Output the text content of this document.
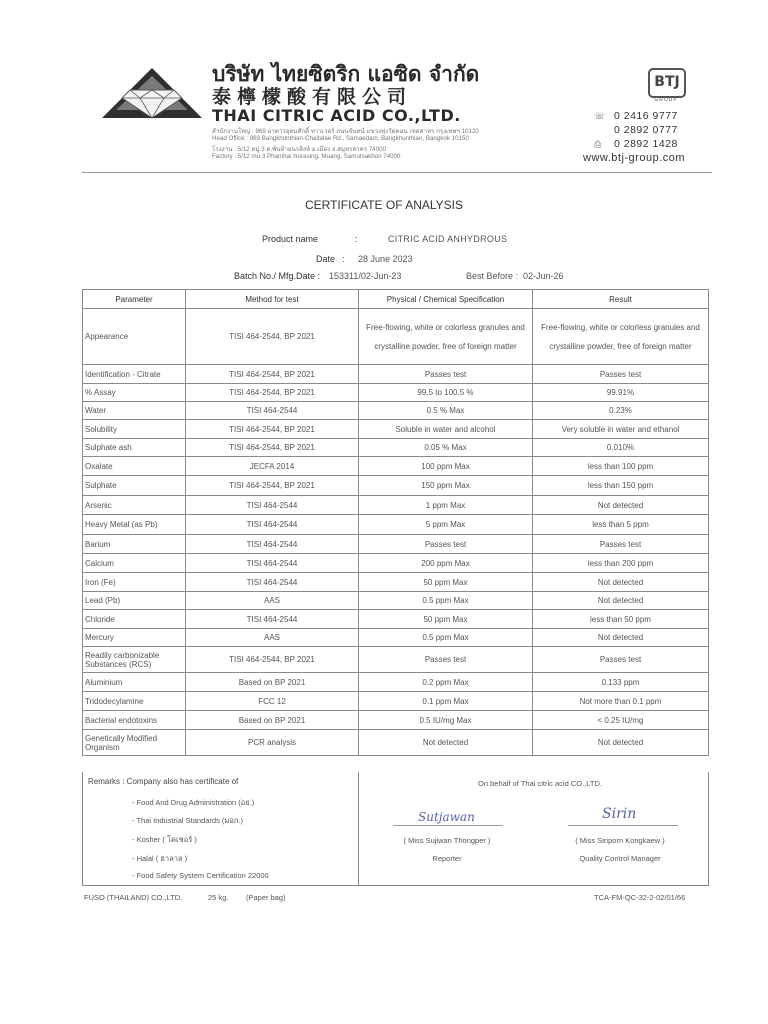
บริษัท ไทยซิตริก แอซิด จำกัด
泰檸檬酸有限公司
THAI CITRIC ACID CO.,LTD.
สำนักงานใหญ่ : 969 อาคารอุดมศักดิ์ ทาวเวอร์ ถนนจันทน์ แขวงทุ่งวัดดอน เขตสาทร กรุงเทพฯ 10120
Head Office : 969 Bangkhunthian-Chaitalae Rd., Samaedam, Bangkhunthian, Bangkok 10150
โรงงาน : 5/12 หมู่ 3 ต.พันท้ายนรสิงห์ อ.เมือง จ.สมุทรสาคร 74000
Factory : 5/12 mu 3 Phanthai Norasing, Muang, Samutsakhon 74000
BTJ
GROUP
☏ 0 2416 9777
0 2892 0777
⎙ 0 2892 1428
www.btj-group.com
CERTIFICATE OF ANALYSIS
Product name	:	CITRIC ACID ANHYDROUS
Date : 28 June 2023
Batch No./ Mfg.Date : 153311/02-Jun-23	Best Before : 02-Jun-26
Parameter	Method for test	Physical / Chemical Specification	Result
Appearance	TISI 464-2544, BP 2021	Free-flowing, white or colorless granules and crystalline powder, free of foreign matter	Free-flowing, white or colorless granules and crystalline powder, free of foreign matter
Identification - Citrate	TISI 464-2544, BP 2021	Passes test	Passes test
% Assay	TISI 464-2544, BP 2021	99.5 to 100.5 %	99.91%
Water	TISI 464-2544	0.5 % Max	0.23%
Solubility	TISI 464-2544, BP 2021	Soluble in water and alcohol	Very soluble in water and ethanol
Sulphate ash	TISI 464-2544, BP 2021	0.05 % Max	0.010%
Oxalate	JECFA 2014	100 ppm Max	less than 100 ppm
Sulphate	TISI 464-2544, BP 2021	150 ppm Max	less than 150 ppm
Arsenic	TISI 464-2544	1 ppm Max	Not detected
Heavy Metal (as Pb)	TISI 464-2544	5 ppm Max	less than 5 ppm
Barium	TISI 464-2544	Passes test	Passes test
Calcium	TISI 464-2544	200 ppm Max	less than 200 ppm
Iron (Fe)	TISI 464-2544	50 ppm Max	Not detected
Lead (Pb)	AAS	0.5 ppm Max	Not detected
Chloride	TISI 464-2544	50 ppm Max	less than 50 ppm
Mercury	AAS	0.5 ppm Max	Not detected
Readily carbonizable Substances (RCS)	TISI 464-2544, BP 2021	Passes test	Passes test
Aluminium	Based on BP 2021	0.2 ppm Max	0.133 ppm
Tridodecylamine	FCC 12	0.1 ppm Max	Not more than 0.1 ppm
Bacterial endotoxins	Based on BP 2021	0.5 IU/mg Max	< 0.25 IU/mg
Genetically Modified Organism	PCR analysis	Not detected	Not detected
Remarks : Company also has certificate of
- Food And Drug Administration (อย.)
- Thai Industrial Standards (มอก.)
- Kosher ( โคเชอร์ )
- Halal ( ฮาลาล )
- Food Safety System Certification 22000
On behalf of Thai citric acid CO.,LTD.
Sutjawan
( Miss Sujiwan Thongper )
Reporter
Sirin
( Miss Siriporn Kongkaew )
Quality Control Manager
FUSO (THAILAND) CO.,LTD.	25 kg. (Paper bag)	TCA-FM-QC-32-2-02/01/66
